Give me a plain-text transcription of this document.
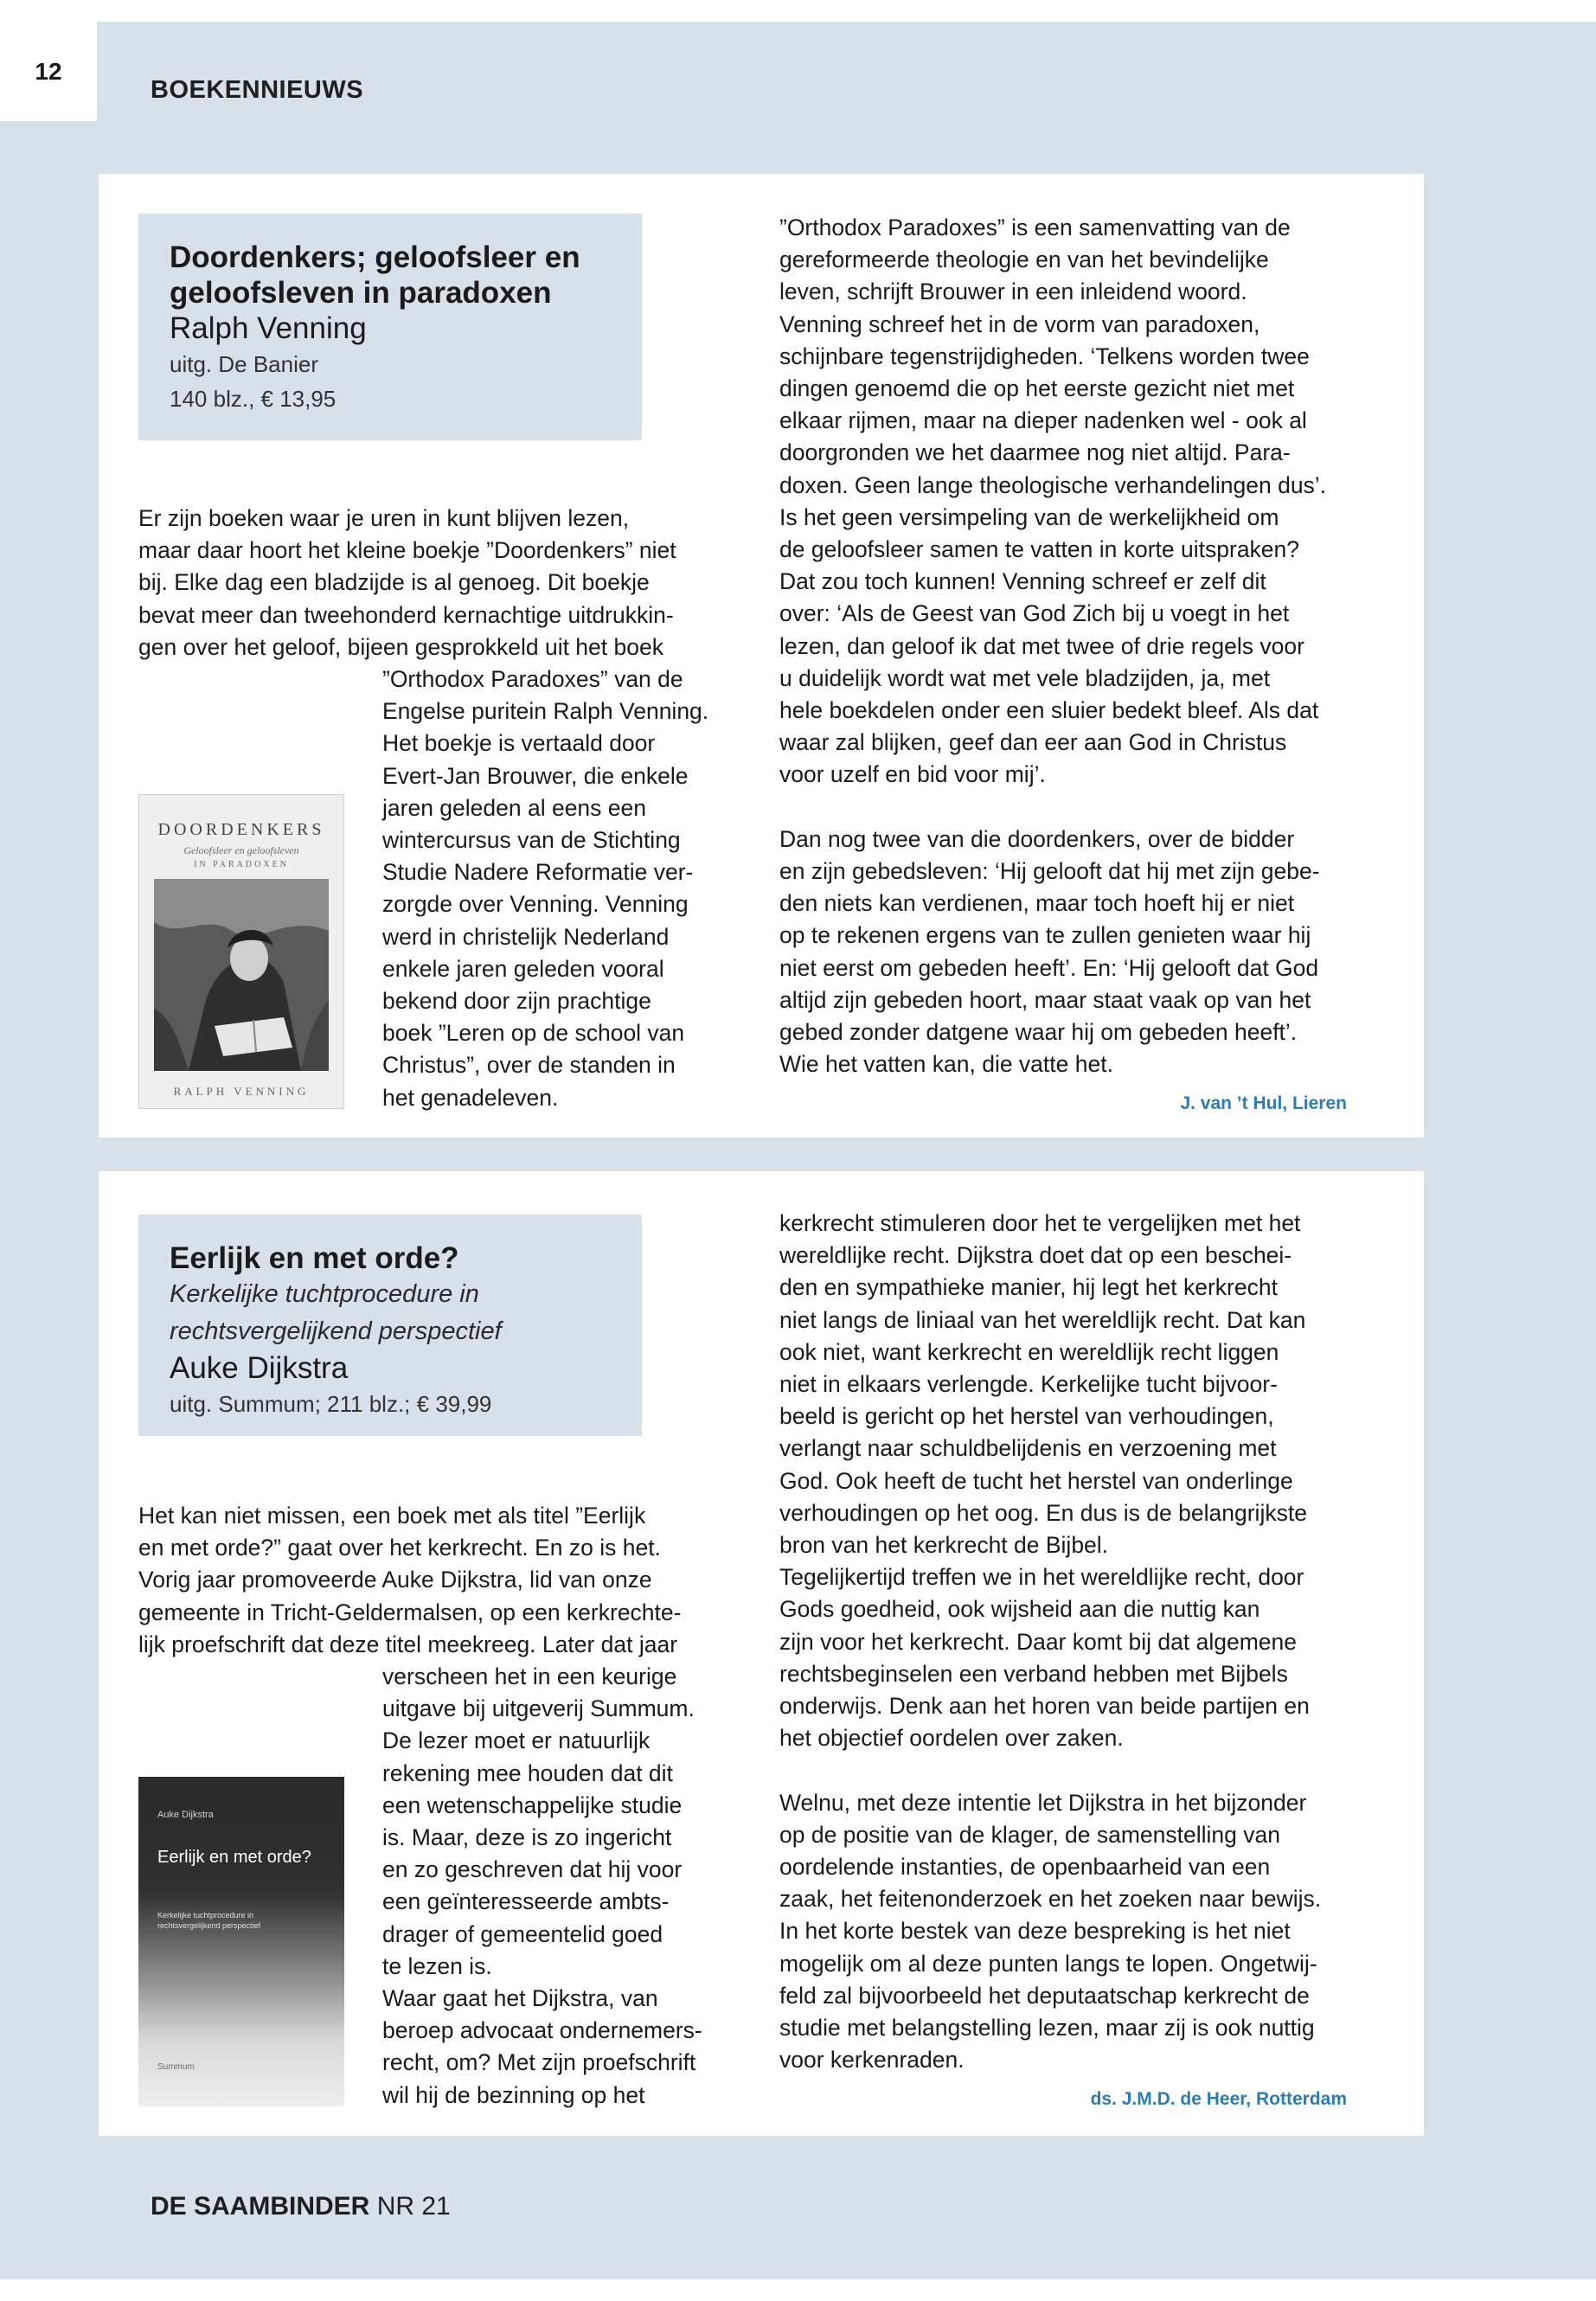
12
BOEKENNIEUWS
Doordenkers; geloofsleer en
geloofsleven in paradoxen
Ralph Venning
uitg. De Banier
140 blz., € 13,95
Er zijn boeken waar je uren in kunt blijven lezen,
maar daar hoort het kleine boekje ”Doordenkers” niet
bij. Elke dag een bladzijde is al genoeg. Dit boekje
bevat meer dan tweehonderd kernachtige uitdrukkin-
gen over het geloof, bijeen gesprokkeld uit het boek
”Orthodox Paradoxes” van de
Engelse puritein Ralph Venning.
Het boekje is vertaald door
Evert-Jan Brouwer, die enkele
jaren geleden al eens een
wintercursus van de Stichting
Studie Nadere Reformatie ver-
zorgde over Venning. Venning
werd in christelijk Nederland
enkele jaren geleden vooral
bekend door zijn prachtige
boek ”Leren op de school van
Christus”, over de standen in
het genadeleven.
DOORDENKERS
Geloofsleer en geloofsleven
IN PARADOXEN
RALPH VENNING
”Orthodox Paradoxes” is een samenvatting van de
gereformeerde theologie en van het bevindelijke
leven, schrijft Brouwer in een inleidend woord.
Venning schreef het in de vorm van paradoxen,
schijnbare tegenstrijdigheden. ‘Telkens worden twee
dingen genoemd die op het eerste gezicht niet met
elkaar rijmen, maar na dieper nadenken wel - ook al
doorgronden we het daarmee nog niet altijd. Para-
doxen. Geen lange theologische verhandelingen dus’.
Is het geen versimpeling van de werkelijkheid om
de geloofsleer samen te vatten in korte uitspraken?
Dat zou toch kunnen! Venning schreef er zelf dit
over: ‘Als de Geest van God Zich bij u voegt in het
lezen, dan geloof ik dat met twee of drie regels voor
u duidelijk wordt wat met vele bladzijden, ja, met
hele boekdelen onder een sluier bedekt bleef. Als dat
waar zal blijken, geef dan eer aan God in Christus
voor uzelf en bid voor mij’.
Dan nog twee van die doordenkers, over de bidder
en zijn gebedsleven: ‘Hij gelooft dat hij met zijn gebe-
den niets kan verdienen, maar toch hoeft hij er niet
op te rekenen ergens van te zullen genieten waar hij
niet eerst om gebeden heeft’. En: ‘Hij gelooft dat God
altijd zijn gebeden hoort, maar staat vaak op van het
gebed zonder datgene waar hij om gebeden heeft’.
Wie het vatten kan, die vatte het.
J. van ’t Hul, Lieren
Eerlijk en met orde?
Kerkelijke tuchtprocedure in
rechtsvergelijkend perspectief
Auke Dijkstra
uitg. Summum; 211 blz.; € 39,99
Het kan niet missen, een boek met als titel ”Eerlijk
en met orde?” gaat over het kerkrecht. En zo is het.
Vorig jaar promoveerde Auke Dijkstra, lid van onze
gemeente in Tricht-Geldermalsen, op een kerkrechte-
lijk proefschrift dat deze titel meekreeg. Later dat jaar
verscheen het in een keurige
uitgave bij uitgeverij Summum.
De lezer moet er natuurlijk
rekening mee houden dat dit
een wetenschappelijke studie
is. Maar, deze is zo ingericht
en zo geschreven dat hij voor
een geïnteresseerde ambts-
drager of gemeentelid goed
te lezen is.
Waar gaat het Dijkstra, van
beroep advocaat ondernemers-
recht, om? Met zijn proefschrift
wil hij de bezinning op het
kerkrecht stimuleren door het te vergelijken met het
wereldlijke recht. Dijkstra doet dat op een beschei-
den en sympathieke manier, hij legt het kerkrecht
niet langs de liniaal van het wereldlijk recht. Dat kan
ook niet, want kerkrecht en wereldlijk recht liggen
niet in elkaars verlengde. Kerkelijke tucht bijvoor-
beeld is gericht op het herstel van verhoudingen,
verlangt naar schuldbelijdenis en verzoening met
God. Ook heeft de tucht het herstel van onderlinge
verhoudingen op het oog. En dus is de belangrijkste
bron van het kerkrecht de Bijbel.
Tegelijkertijd treffen we in het wereldlijke recht, door
Gods goedheid, ook wijsheid aan die nuttig kan
zijn voor het kerkrecht. Daar komt bij dat algemene
rechtsbeginselen een verband hebben met Bijbels
onderwijs. Denk aan het horen van beide partijen en
het objectief oordelen over zaken.
Welnu, met deze intentie let Dijkstra in het bijzonder
op de positie van de klager, de samenstelling van
oordelende instanties, de openbaarheid van een
zaak, het feitenonderzoek en het zoeken naar bewijs.
In het korte bestek van deze bespreking is het niet
mogelijk om al deze punten langs te lopen. Ongetwij-
feld zal bijvoorbeeld het deputaatschap kerkrecht de
studie met belangstelling lezen, maar zij is ook nuttig
voor kerkenraden.
ds. J.M.D. de Heer, Rotterdam
Auke Dijkstra
Eerlijk en met orde?
Kerkelijke tuchtprocedure in rechtsvergelijkend perspectief
Summum
DE SAAMBINDER NR 21
